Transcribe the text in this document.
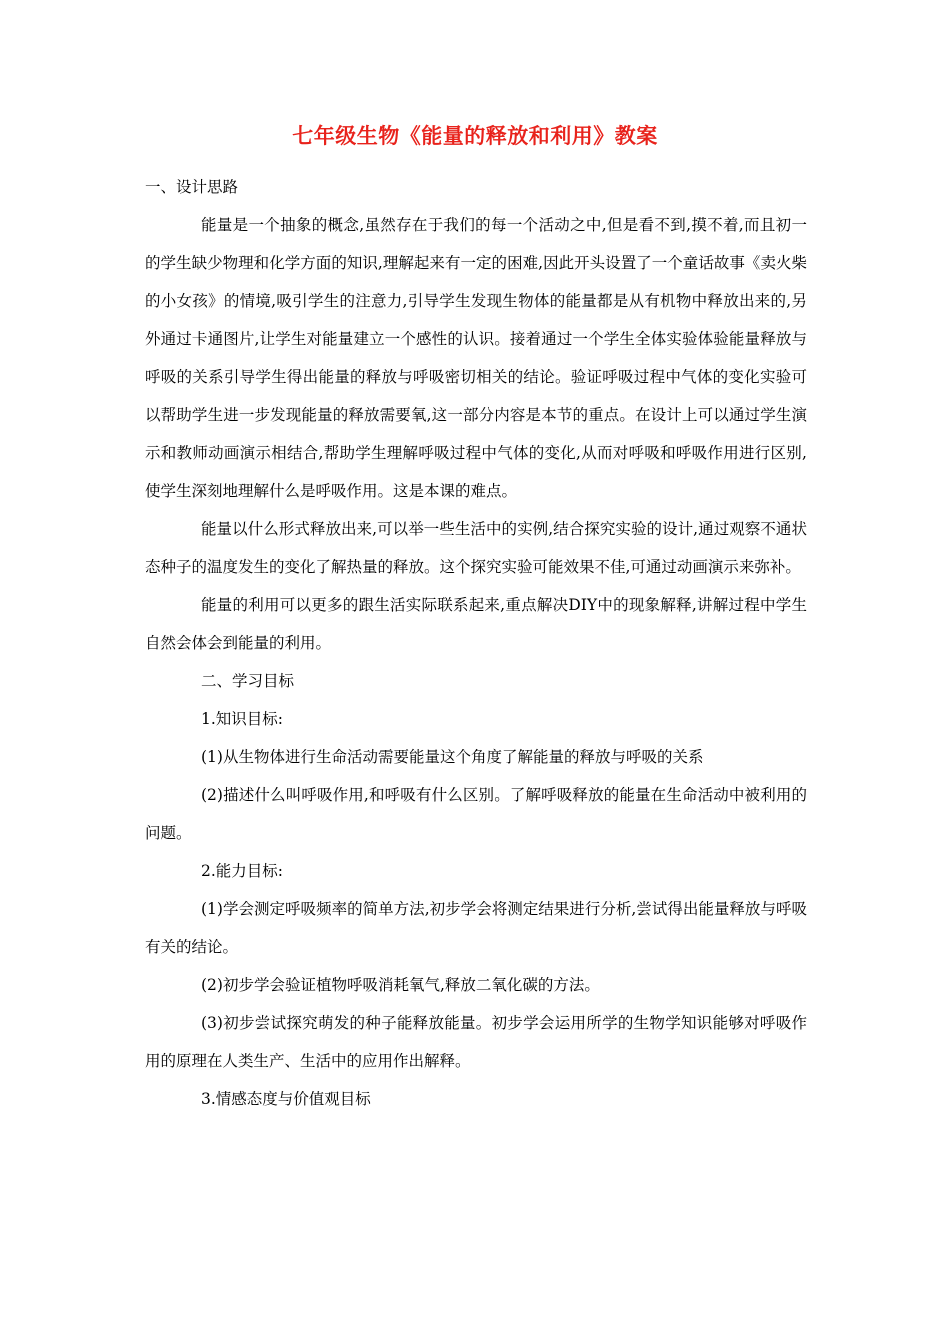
七年级生物《能量的释放和利用》教案

一、设计思路

能量是一个抽象的概念,虽然存在于我们的每一个活动之中,但是看不到,摸不着,而且初一的学生缺少物理和化学方面的知识,理解起来有一定的困难,因此开头设置了一个童话故事《卖火柴的小女孩》的情境,吸引学生的注意力,引导学生发现生物体的能量都是从有机物中释放出来的,另外通过卡通图片,让学生对能量建立一个感性的认识。接着通过一个学生全体实验体验能量释放与呼吸的关系引导学生得出能量的释放与呼吸密切相关的结论。验证呼吸过程中气体的变化实验可以帮助学生进一步发现能量的释放需要氧,这一部分内容是本节的重点。在设计上可以通过学生演示和教师动画演示相结合,帮助学生理解呼吸过程中气体的变化,从而对呼吸和呼吸作用进行区别,使学生深刻地理解什么是呼吸作用。这是本课的难点。

能量以什么形式释放出来,可以举一些生活中的实例,结合探究实验的设计,通过观察不通状态种子的温度发生的变化了解热量的释放。这个探究实验可能效果不佳,可通过动画演示来弥补。

能量的利用可以更多的跟生活实际联系起来,重点解决DIY中的现象解释,讲解过程中学生自然会体会到能量的利用。

二、学习目标

1.知识目标:

(1)从生物体进行生命活动需要能量这个角度了解能量的释放与呼吸的关系

(2)描述什么叫呼吸作用,和呼吸有什么区别。了解呼吸释放的能量在生命活动中被利用的问题。

2.能力目标:

(1)学会测定呼吸频率的简单方法,初步学会将测定结果进行分析,尝试得出能量释放与呼吸有关的结论。

(2)初步学会验证植物呼吸消耗氧气,释放二氧化碳的方法。

(3)初步尝试探究萌发的种子能释放能量。初步学会运用所学的生物学知识能够对呼吸作用的原理在人类生产、生活中的应用作出解释。

3.情感态度与价值观目标
